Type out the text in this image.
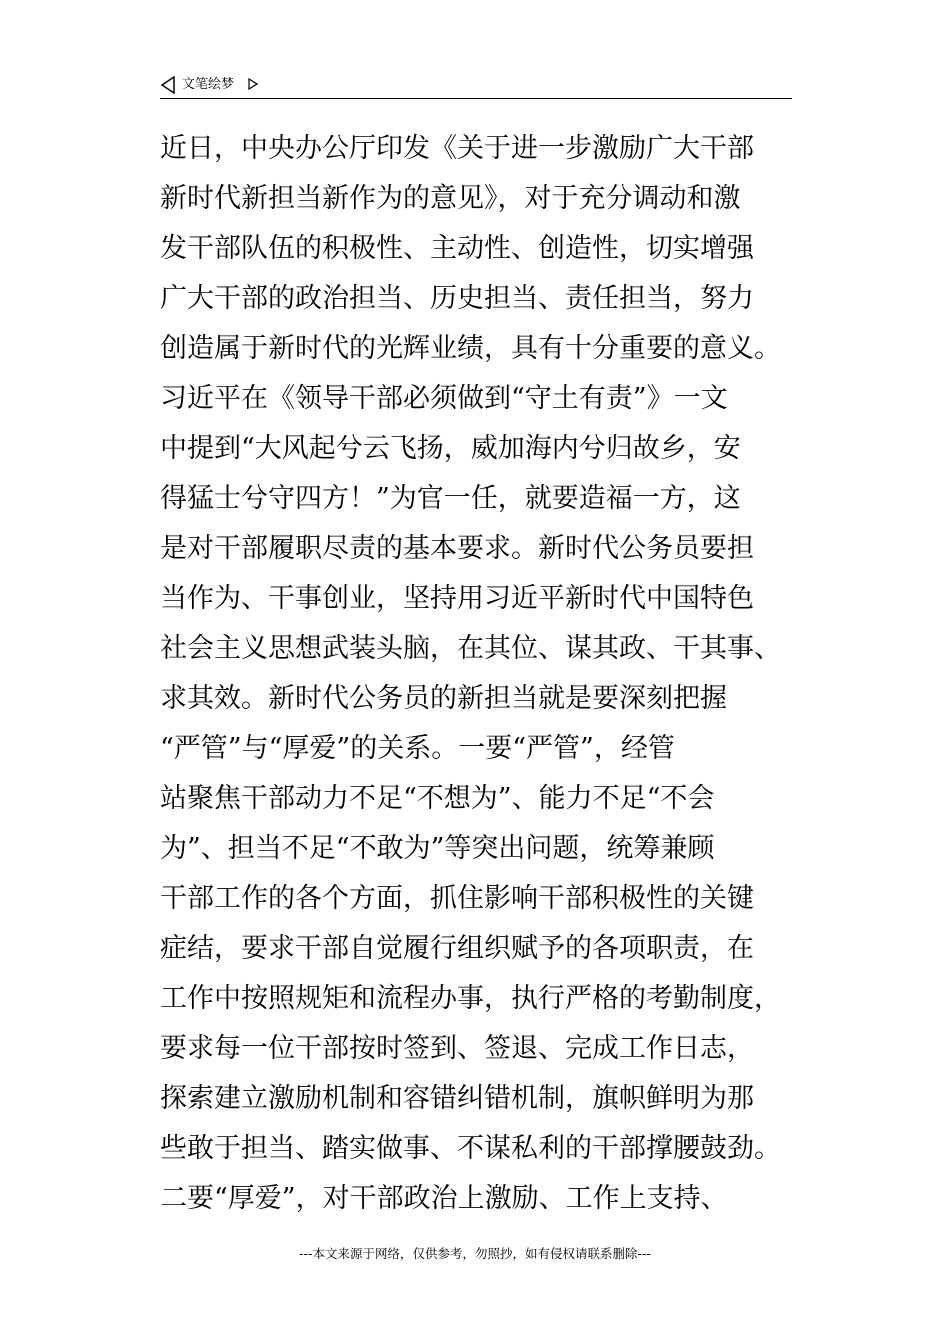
文笔绘梦
近日，中央办公厅印发《关于进一步激励广大干部
新时代新担当新作为的意见》，对于充分调动和激
发干部队伍的积极性、主动性、创造性，切实增强
广大干部的政治担当、历史担当、责任担当，努力
创造属于新时代的光辉业绩，具有十分重要的意义。
习近平在《领导干部必须做到“守土有责”》一文
中提到“大风起兮云飞扬，威加海内兮归故乡，安
得猛士兮守四方！”为官一任，就要造福一方，这
是对干部履职尽责的基本要求。新时代公务员要担
当作为、干事创业，坚持用习近平新时代中国特色
社会主义思想武装头脑，在其位、谋其政、干其事、
求其效。新时代公务员的新担当就是要深刻把握
“严管”与“厚爱”的关系。一要“严管”，经管
站聚焦干部动力不足“不想为”、能力不足“不会
为”、担当不足“不敢为”等突出问题，统筹兼顾
干部工作的各个方面，抓住影响干部积极性的关键
症结，要求干部自觉履行组织赋予的各项职责，在
工作中按照规矩和流程办事，执行严格的考勤制度，
要求每一位干部按时签到、签退、完成工作日志，
探索建立激励机制和容错纠错机制，旗帜鲜明为那
些敢于担当、踏实做事、不谋私利的干部撑腰鼓劲。
二要“厚爱”，对干部政治上激励、工作上支持、
---本文来源于网络，仅供参考，勿照抄，如有侵权请联系删除---
